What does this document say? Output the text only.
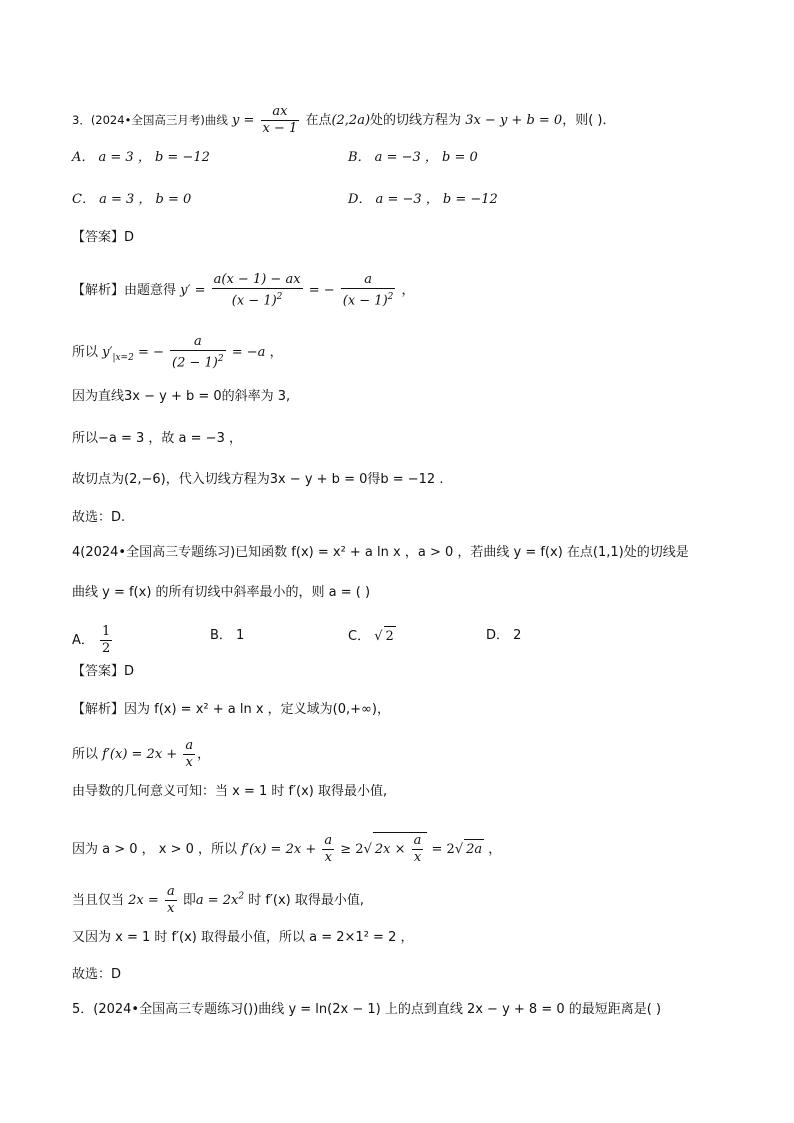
3．(2024•全国高三月考)曲线 $y = \frac{ax}{x - 1}$ 在点(2,2a)处的切线方程为 3x − y + b = 0，则( )．
A． a = 3 ， b = −12	B． a = −3 ， b = 0
C． a = 3 ， b = 0	D． a = −3 ， b = −12
【答案】D
【解析】由题意得 $y' = \frac{a(x - 1) - ax}{(x - 1)^2}$ = − $\frac{a}{(x - 1)^2}$ ，
所以 $y'_{|x=2}$ = − $\frac{a}{(2 - 1)^2} = -a$ ，
因为直线3x − y + b = 0的斜率为 3,
所以−a = 3 ，故 a = −3 ，
故切点为(2,−6)，代入切线方程为3x − y + b = 0得b = −12 .
故选：D.
4(2024•全国高三专题练习)已知函数 f(x) = x² + a ln x ，a > 0 ，若曲线 y = f(x) 在点(1,1)处的切线是
曲线 y = f(x) 的所有切线中斜率最小的，则 a = ( )
A． $\frac{1}{2}$	B． 1	C． √ 2	D． 2
【答案】D
【解析】因为 f(x) = x² + a ln x ，定义域为(0,+∞)，
所以 $f'(x) = 2x + \frac{a}{x}$ ，
由导数的几何意义可知：当 x = 1 时 f′(x) 取得最小值,
因为 a > 0 ， x > 0 ，所以 $f'(x) = 2x + \frac{a}{x} \ge 2√$ $2x \times \frac{a}{x} = 2√$ 2a ，
当且仅当 $2x = \frac{a}{x}$ 即$a = 2x^2$ 时 f′(x) 取得最小值,
又因为 x = 1 时 f′(x) 取得最小值，所以 a = 2×1² = 2 ，
故选：D
5．(2024•全国高三专题练习())曲线 y = ln(2x − 1) 上的点到直线 2x − y + 8 = 0 的最短距离是( )
